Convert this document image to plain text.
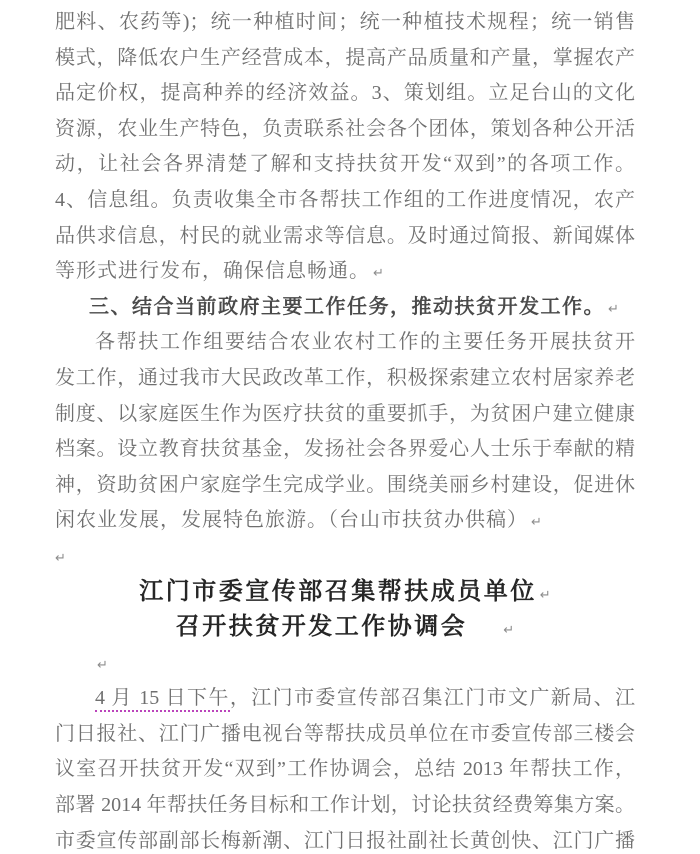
肥料、农药等)；统一种植时间；统一种植技术规程；统一销售
模式，降低农户生产经营成本，提高产品质量和产量，掌握农产
品定价权，提高种养的经济效益。3、策划组。立足台山的文化
资源，农业生产特色，负责联系社会各个团体，策划各种公开活
动，让社会各界清楚了解和支持扶贫开发“双到”的各项工作。
4、信息组。负责收集全市各帮扶工作组的工作进度情况，农产
品供求信息，村民的就业需求等信息。及时通过简报、新闻媒体
等形式进行发布，确保信息畅通。 ↵
三、结合当前政府主要工作任务，推动扶贫开发工作。 ↵
各帮扶工作组要结合农业农村工作的主要任务开展扶贫开
发工作，通过我市大民政改革工作，积极探索建立农村居家养老
制度、以家庭医生作为医疗扶贫的重要抓手，为贫困户建立健康
档案。设立教育扶贫基金，发扬社会各界爱心人士乐于奉献的精
神，资助贫困户家庭学生完成学业。围绕美丽乡村建设，促进休
闲农业发展，发展特色旅游。（台山市扶贫办供稿） ↵
↵
江门市委宣传部召集帮扶成员单位 ↵
召开扶贫开发工作协调会	↵
↵
4 月 15 日下午，江门市委宣传部召集江门市文广新局、江
门日报社、江门广播电视台等帮扶成员单位在市委宣传部三楼会
议室召开扶贫开发“双到”工作协调会，总结 2013 年帮扶工作，
部署 2014 年帮扶任务目标和工作计划，讨论扶贫经费筹集方案。
市委宣传部副部长梅新潮、江门日报社副社长黄创快、江门广播
